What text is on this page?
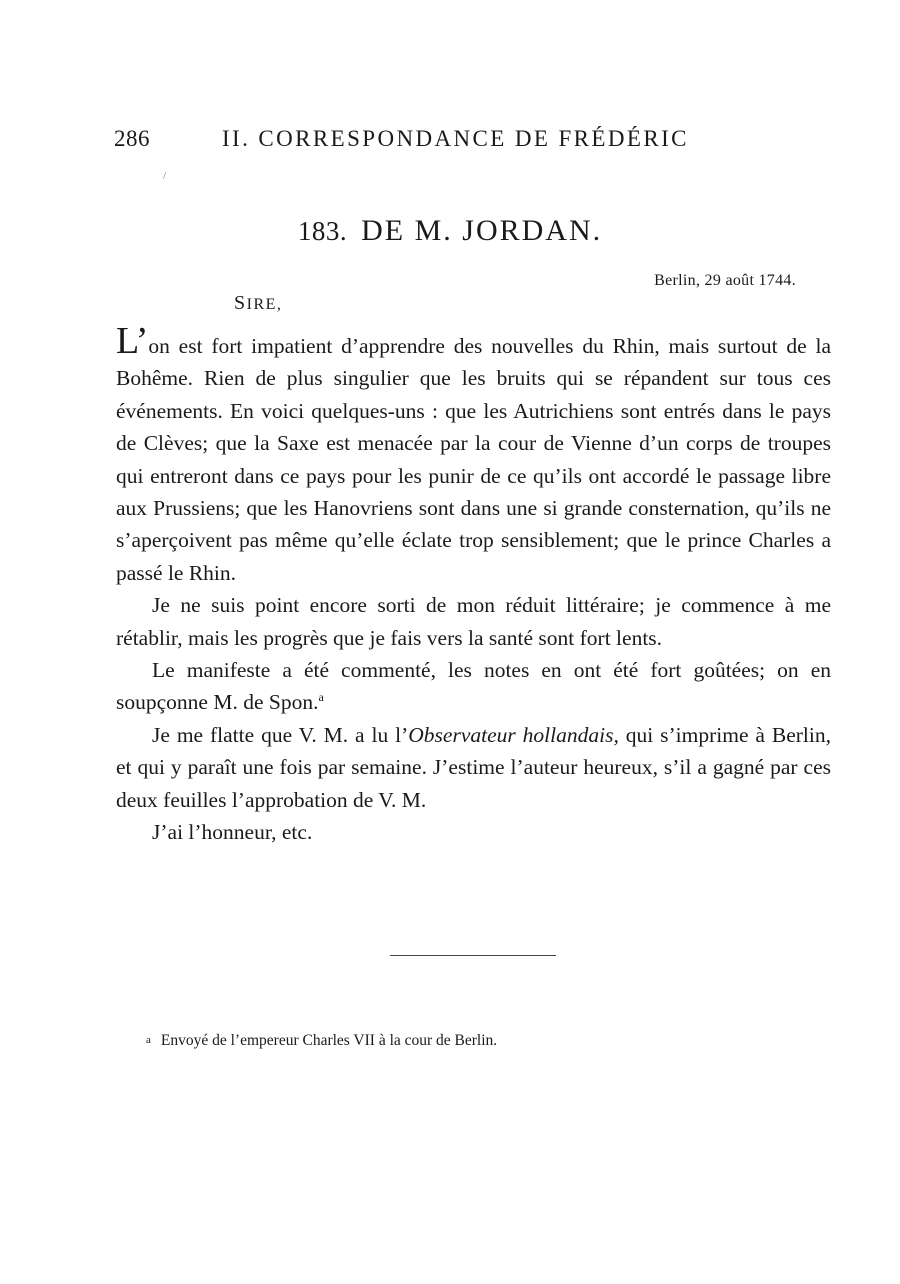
286	II. CORRESPONDANCE DE FRÉDÉRIC
/
183. DE M. JORDAN.
Berlin, 29 août 1744.
SIRE,

L’on est fort impatient d’apprendre des nouvelles du Rhin, mais surtout de la Bohême. Rien de plus singulier que les bruits qui se répandent sur tous ces événements. En voici quelques-uns : que les Autrichiens sont entrés dans le pays de Clèves; que la Saxe est menacée par la cour de Vienne d’un corps de troupes qui entreront dans ce pays pour les punir de ce qu’ils ont accordé le passage libre aux Prussiens; que les Hanovriens sont dans une si grande consternation, qu’ils ne s’aperçoivent pas même qu’elle éclate trop sensiblement; que le prince Charles a passé le Rhin.

Je ne suis point encore sorti de mon réduit littéraire; je commence à me rétablir, mais les progrès que je fais vers la santé sont fort lents.

Le manifeste a été commenté, les notes en ont été fort goûtées; on en soupçonne M. de Spon.$^a$

Je me flatte que V. M. a lu l’Observateur hollandais, qui s’imprime à Berlin, et qui y paraît une fois par semaine. J’estime l’auteur heureux, s’il a gagné par ces deux feuilles l’approbation de V. M.

J’ai l’honneur, etc.

a Envoyé de l’empereur Charles VII à la cour de Berlin.
